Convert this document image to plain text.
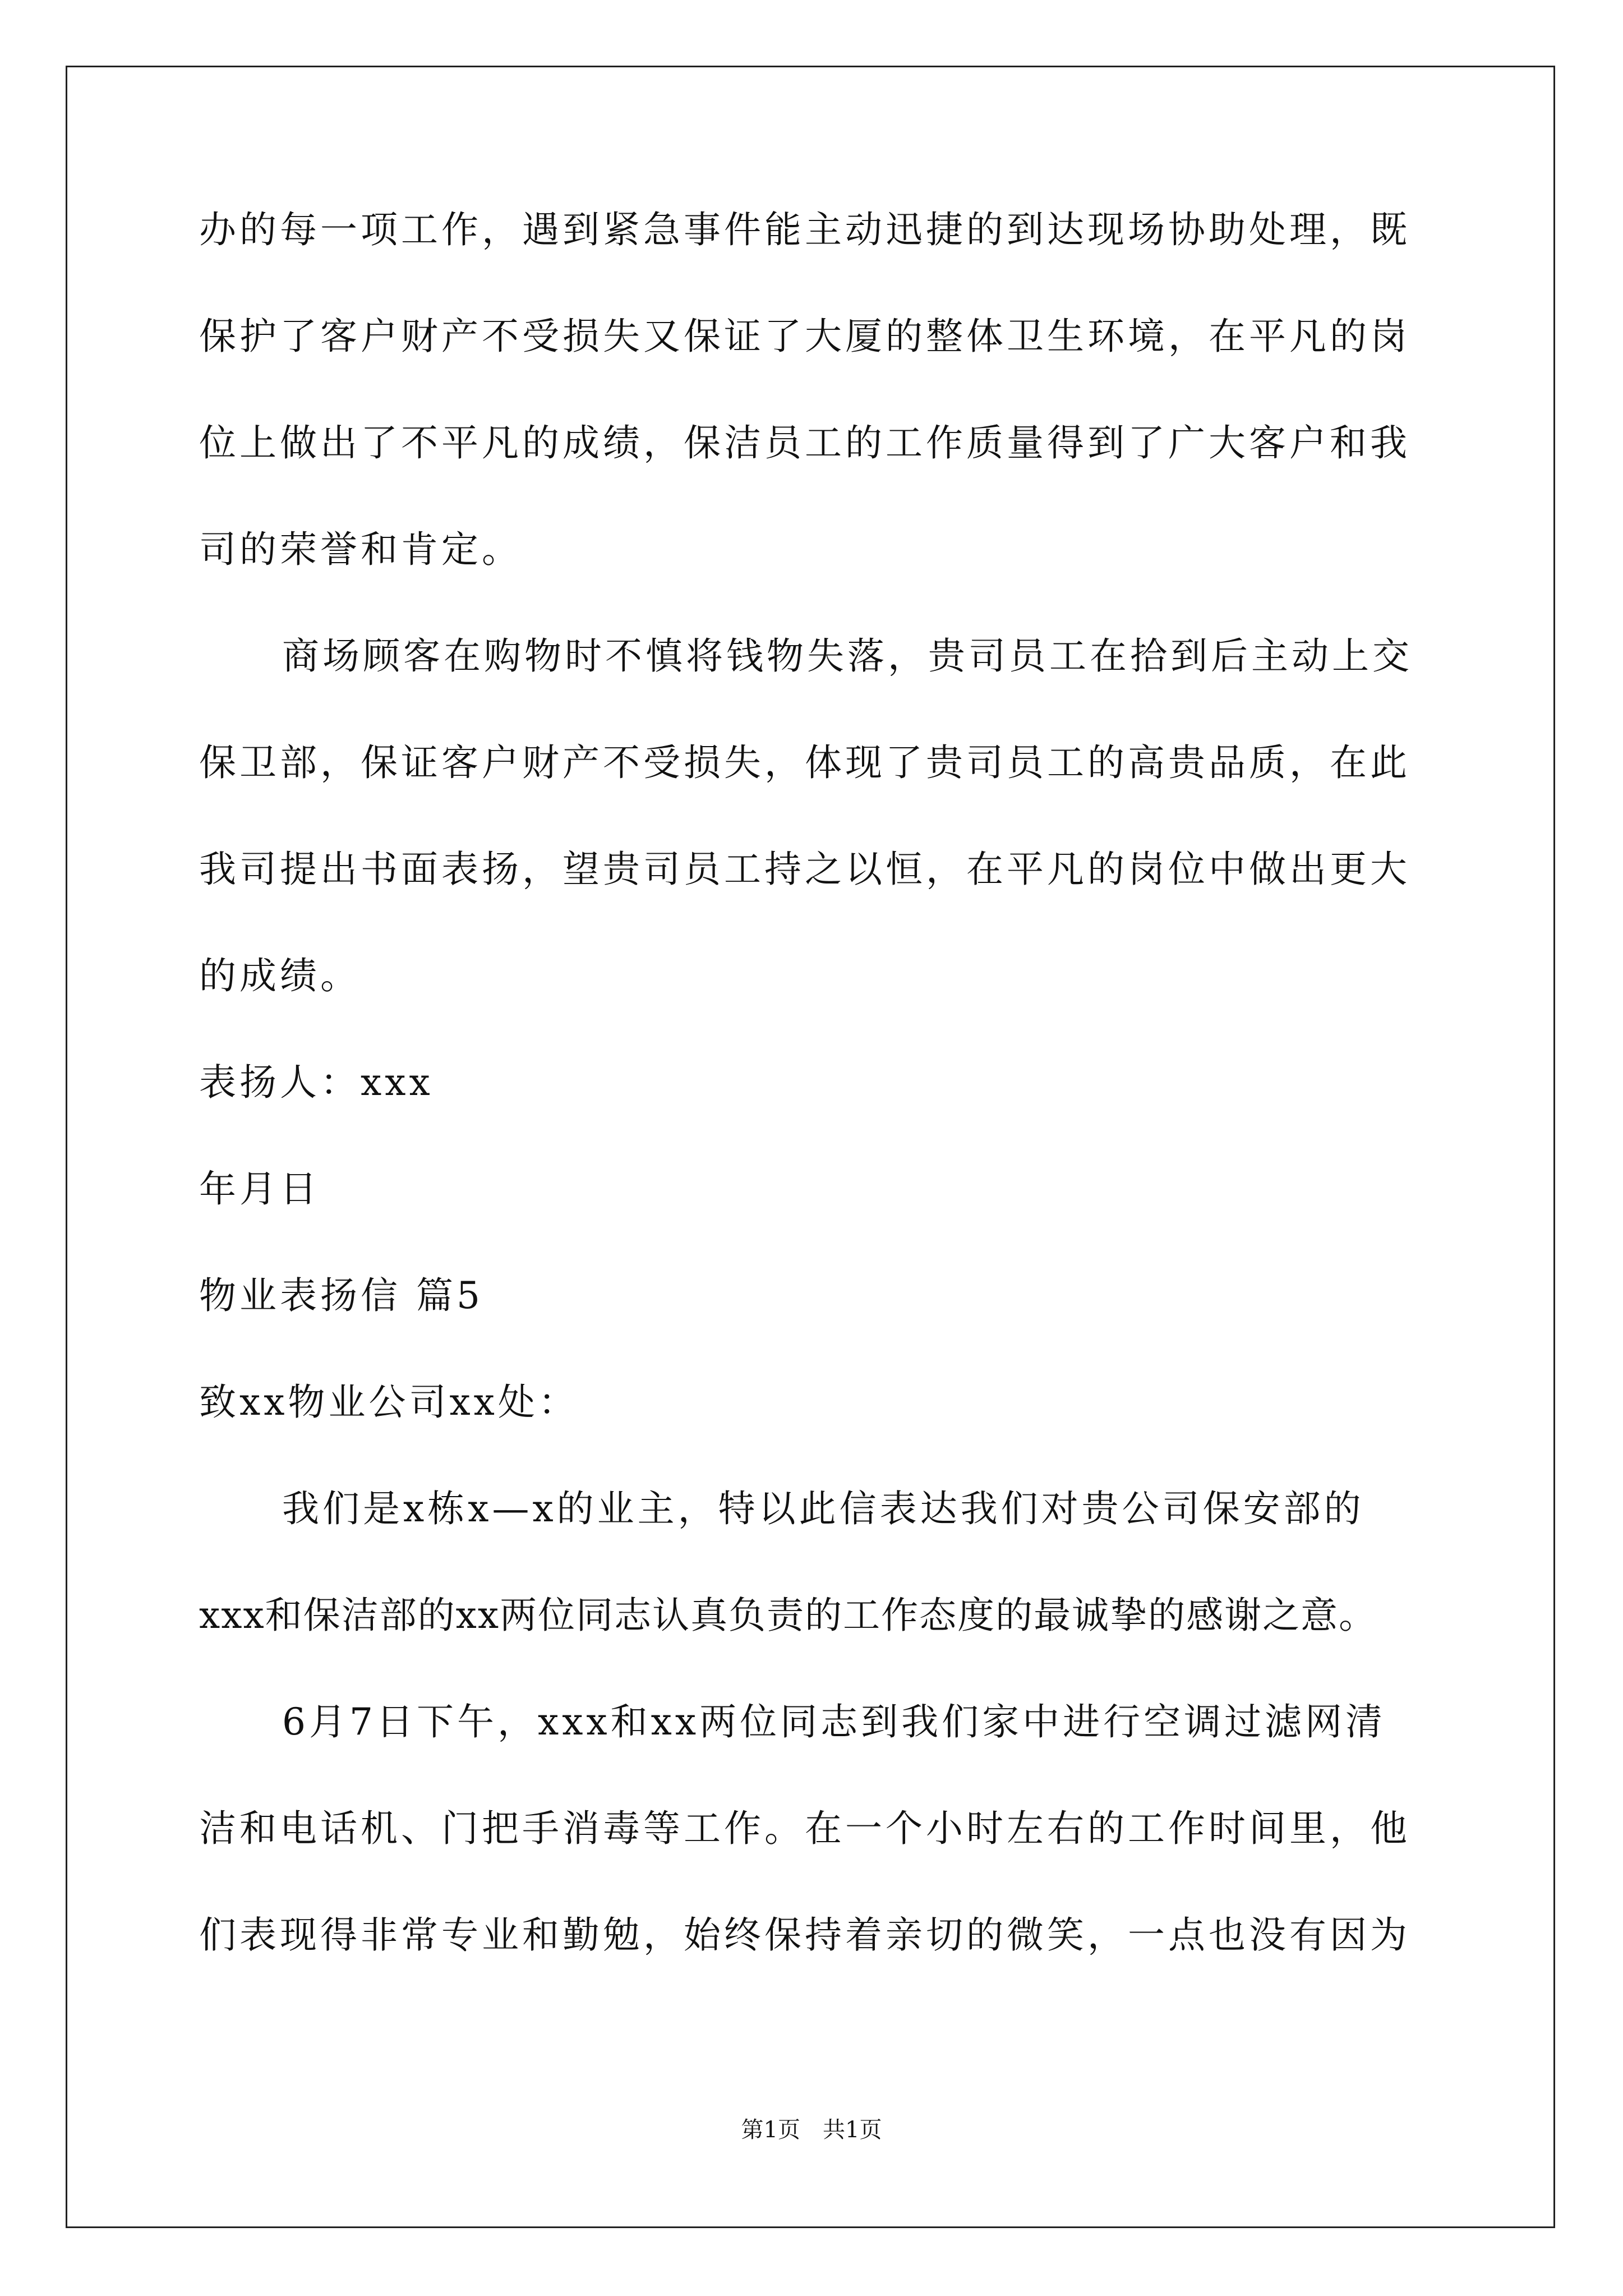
办的每一项工作，遇到紧急事件能主动迅捷的到达现场协助处理，既
保护了客户财产不受损失又保证了大厦的整体卫生环境，在平凡的岗
位上做出了不平凡的成绩，保洁员工的工作质量得到了广大客户和我
司的荣誉和肯定。
商场顾客在购物时不慎将钱物失落，贵司员工在拾到后主动上交
保卫部，保证客户财产不受损失，体现了贵司员工的高贵品质，在此
我司提出书面表扬，望贵司员工持之以恒，在平凡的岗位中做出更大
的成绩。
表扬人：xxx
年月日
物业表扬信 篇5
致xx物业公司xx处：
我们是x栋x—x的业主，特以此信表达我们对贵公司保安部的
xxx和保洁部的xx两位同志认真负责的工作态度的最诚挚的感谢之意。
6月7日下午，xxx和xx两位同志到我们家中进行空调过滤网清
洁和电话机、门把手消毒等工作。在一个小时左右的工作时间里，他
们表现得非常专业和勤勉，始终保持着亲切的微笑，一点也没有因为
第1页　共1页
